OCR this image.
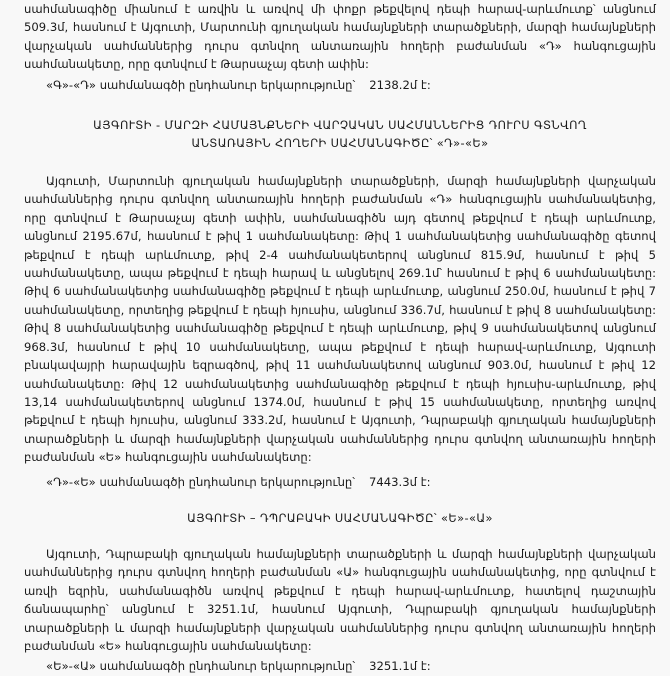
սահմանագիծը միանում է առվին և առվով մի փոքր թեքվելով դեպի հարավ-արևմուտք՝ անցնում 509.3մ, հասնում է Այգուտի, Մարտունի գյուղական համայնքների տարածքների, մարզի համայնքների վարչական սահմաններից դուրս գտնվող անտառային հողերի բաժանման «Դ» հանգուցային սահմանակետը, որը գտնվում է Թարսաչայ գետի ափին:

«Գ»-«Դ» սահմանագծի ընդհանուր երկարությունը՝ 2138.2մ է:

ԱՅԳՈՒՏԻ - ՄԱՐԶԻ ՀԱՄԱՅՆՔՆԵՐԻ ՎԱՐՉԱԿԱՆ ՍԱՀՄԱՆՆԵՐԻՑ ԴՈՒՐՍ ԳՏՆՎՈՂ
ԱՆՏԱՌԱՅԻՆ ՀՈՂԵՐԻ ՍԱՀՄԱՆԱԳԻԾԸ՝ «Դ»-«Ե»

Այգուտի, Մարտունի գյուղական համայնքների տարածքների, մարզի համայնքների վարչական սահմաններից դուրս գտնվող անտառային հողերի բաժանման «Դ» հանգուցային սահմանակետից, որը գտնվում է Թարսաչայ գետի ափին, սահմանագիծն այդ գետով թեքվում է դեպի արևմուտք, անցնում 2195.67մ, հասնում է թիվ 1 սահմանակետը: Թիվ 1 սահմանակետից սահմանագիծը գետով թեքվում է դեպի արևմուտք, թիվ 2-4 սահմանակետերով անցնում 815.9մ, հասնում է թիվ 5 սահմանակետը, ապա թեքվում է դեպի հարավ և անցնելով 269.1մ՝ հասնում է թիվ 6 սահմանակետը: Թիվ 6 սահմանակետից սահմանագիծը թեքվում է դեպի արևմուտք, անցնում 250.0մ, հասնում է թիվ 7 սահմանակետը, որտեղից թեքվում է դեպի հյուսիս, անցնում 336.7մ, հասնում է թիվ 8 սահմանակետը: Թիվ 8 սահմանակետից սահմանագիծը թեքվում է դեպի արևմուտք, թիվ 9 սահմանակետով անցնում 968.3մ, հասնում է թիվ 10 սահմանակետը, ապա թեքվում է դեպի հարավ-արևմուտք, Այգուտի բնակավայրի հարավային եզրագծով, թիվ 11 սահմանակետով անցնում 903.0մ, հասնում է թիվ 12 սահմանակետը: Թիվ 12 սահմանակետից սահմանագիծը թեքվում է դեպի հյուսիս-արևմուտք, թիվ 13,14 սահմանակետերով անցնում 1374.0մ, հասնում է թիվ 15 սահմանակետը, որտեղից առվով թեքվում է դեպի հյուսիս, անցնում 333.2մ, հասնում է Այգուտի, Դպրաբակի գյուղական համայնքների տարածքների և մարզի համայնքների վարչական սահմաններից դուրս գտնվող անտառային հողերի բաժանման «Ե» հանգուցային սահմանակետը:

«Դ»-«Ե» սահմանագծի ընդհանուր երկարությունը՝ 7443.3մ է:

ԱՅԳՈՒՏԻ – ԴՊՐԱԲԱԿԻ ՍԱՀՄԱՆԱԳԻԾԸ՝ «Ե»-«Ա»

Այգուտի, Դպրաբակի գյուղական համայնքների տարածքների և մարզի համայնքների վարչական սահմաններից դուրս գտնվող հողերի բաժանման «Ա» հանգուցային սահմանակետից, որը գտնվում է առվի եզրին, սահմանագիծն առվով թեքվում է դեպի հարավ-արևմուտք, հատելով դաշտային ճանապարհը՝ անցնում է 3251.1մ, հասնում Այգուտի, Դպրաբակի գյուղական համայնքների տարածքների և մարզի համայնքների վարչական սահմաններից դուրս գտնվող անտառային հողերի բաժանման «Ե» հանգուցային սահմանակետը:

«Ե»-«Ա» սահմանագծի ընդհանուր երկարությունը՝ 3251.1մ է:
